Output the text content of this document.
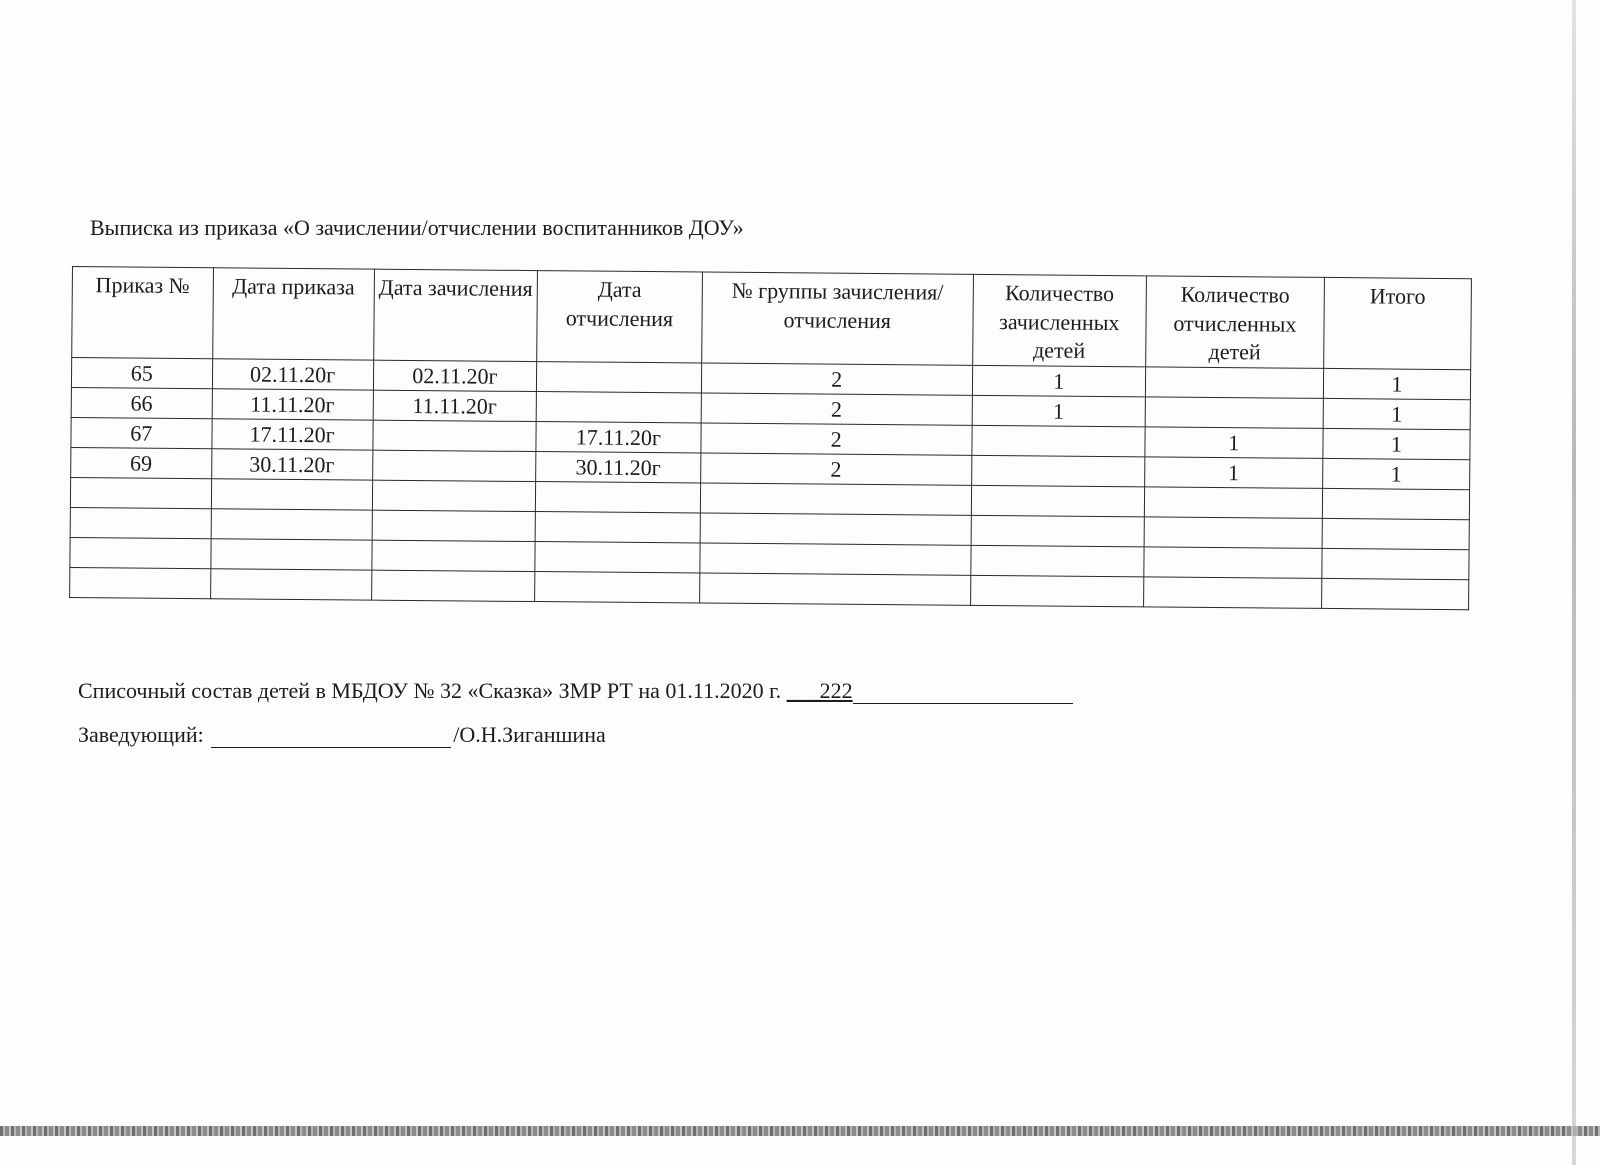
Выписка из приказа «О зачислении/отчислении воспитанников ДОУ»
Приказ №	Дата приказа	Дата зачисления	Дата отчисления	№ группы зачисления/отчисления	Количество зачисленных детей	Количество отчисленных детей	Итого
65	02.11.20г	02.11.20г		2	1		1
66	11.11.20г	11.11.20г		2	1		1
67	17.11.20г		17.11.20г	2		1	1
69	30.11.20г		30.11.20г	2		1	1

Списочный состав детей в МБДОУ № 32 «Сказка» ЗМР РТ на 01.11.2020 г. ___222
Заведующий:	/О.Н.Зиганшина
